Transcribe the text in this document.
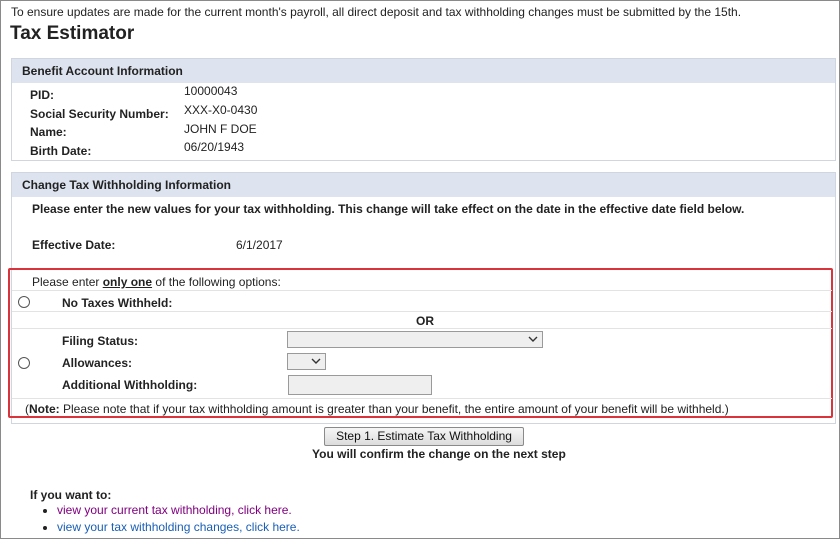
To ensure updates are made for the current month's payroll, all direct deposit and tax withholding changes must be submitted by the 15th.
Tax Estimator
Benefit Account Information
PID:	10000043
Social Security Number: XXX-X0-0430
Name:	JOHN F DOE
Birth Date:	06/20/1943
Change Tax Withholding Information
Please enter the new values for your tax withholding. This change will take effect on the date in the effective date field below.
Effective Date:	6/1/2017
Please enter only one of the following options:
No Taxes Withheld:
OR
Filing Status:
Allowances:
Additional Withholding:
(Note: Please note that if your tax withholding amount is greater than your benefit, the entire amount of your benefit will be withheld.)
Step 1. Estimate Tax Withholding
You will confirm the change on the next step
If you want to:
• view your current tax withholding, click here.
• view your tax withholding changes, click here.
